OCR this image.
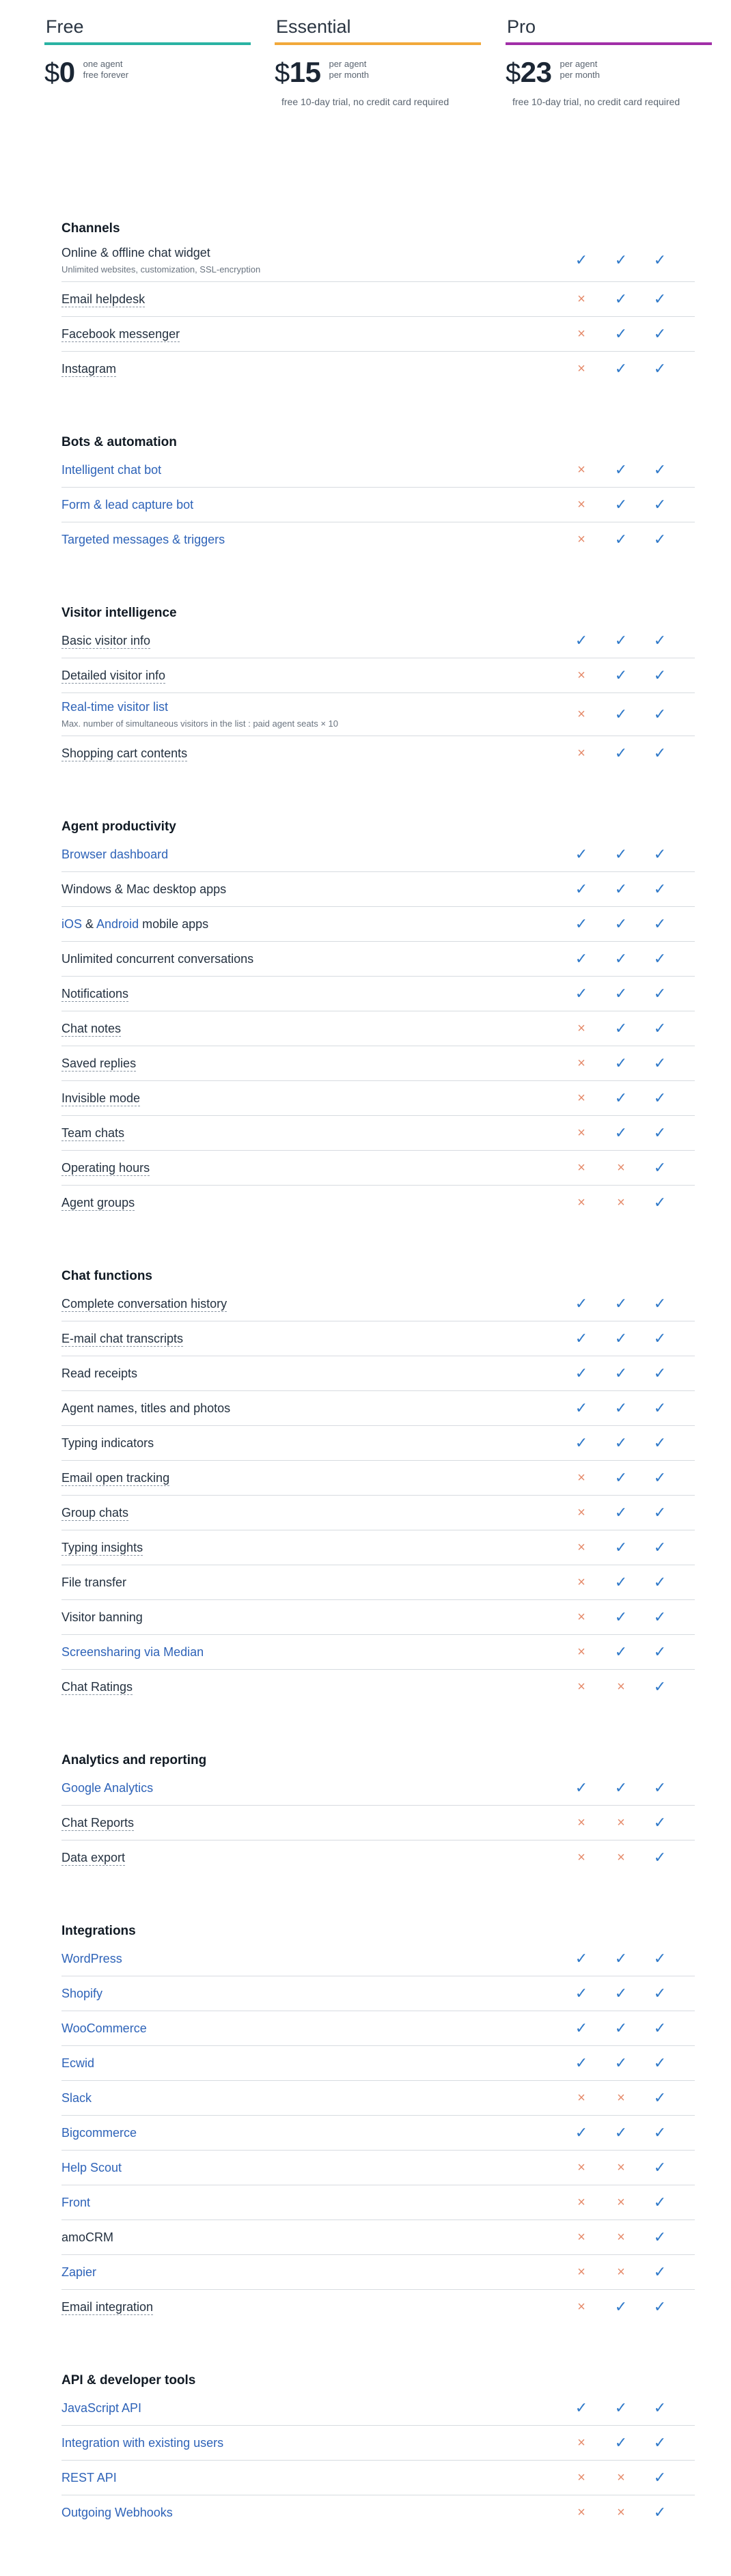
Free
$0 one agent
free forever
Essential
$15 per agent
per month
free 10-day trial, no credit card required
Pro
$23 per agent
per month
free 10-day trial, no credit card required
Channels
Online & offline chat widget
Unlimited websites, customization, SSL-encryption
✓ ✓ ✓
Email helpdesk	× ✓ ✓
Facebook messenger	× ✓ ✓
Instagram	× ✓ ✓
Bots & automation
Intelligent chat bot	× ✓ ✓
Form & lead capture bot	× ✓ ✓
Targeted messages & triggers	× ✓ ✓
Visitor intelligence
Basic visitor info	✓ ✓ ✓
Detailed visitor info	× ✓ ✓
Real-time visitor list
Max. number of simultaneous visitors in the list : paid agent seats × 10
× ✓ ✓
Shopping cart contents	× ✓ ✓
Agent productivity
Browser dashboard	✓ ✓ ✓
Windows & Mac desktop apps	✓ ✓ ✓
iOS & Android mobile apps	✓ ✓ ✓
Unlimited concurrent conversations	✓ ✓ ✓
Notifications	✓ ✓ ✓
Chat notes	× ✓ ✓
Saved replies	× ✓ ✓
Invisible mode	× ✓ ✓
Team chats	× ✓ ✓
Operating hours	× × ✓
Agent groups	× × ✓
Chat functions
Complete conversation history	✓ ✓ ✓
E-mail chat transcripts	✓ ✓ ✓
Read receipts	✓ ✓ ✓
Agent names, titles and photos	✓ ✓ ✓
Typing indicators	✓ ✓ ✓
Email open tracking	× ✓ ✓
Group chats	× ✓ ✓
Typing insights	× ✓ ✓
File transfer	× ✓ ✓
Visitor banning	× ✓ ✓
Screensharing via Median	× ✓ ✓
Chat Ratings	× × ✓
Analytics and reporting
Google Analytics	✓ ✓ ✓
Chat Reports	× × ✓
Data export	× × ✓
Integrations
WordPress	✓ ✓ ✓
Shopify	✓ ✓ ✓
WooCommerce	✓ ✓ ✓
Ecwid	✓ ✓ ✓
Slack	× × ✓
Bigcommerce	✓ ✓ ✓
Help Scout	× × ✓
Front	× × ✓
amoCRM	× × ✓
Zapier	× × ✓
Email integration	× ✓ ✓
API & developer tools
JavaScript API	✓ ✓ ✓
Integration with existing users	× ✓ ✓
REST API	× × ✓
Outgoing Webhooks	× × ✓
